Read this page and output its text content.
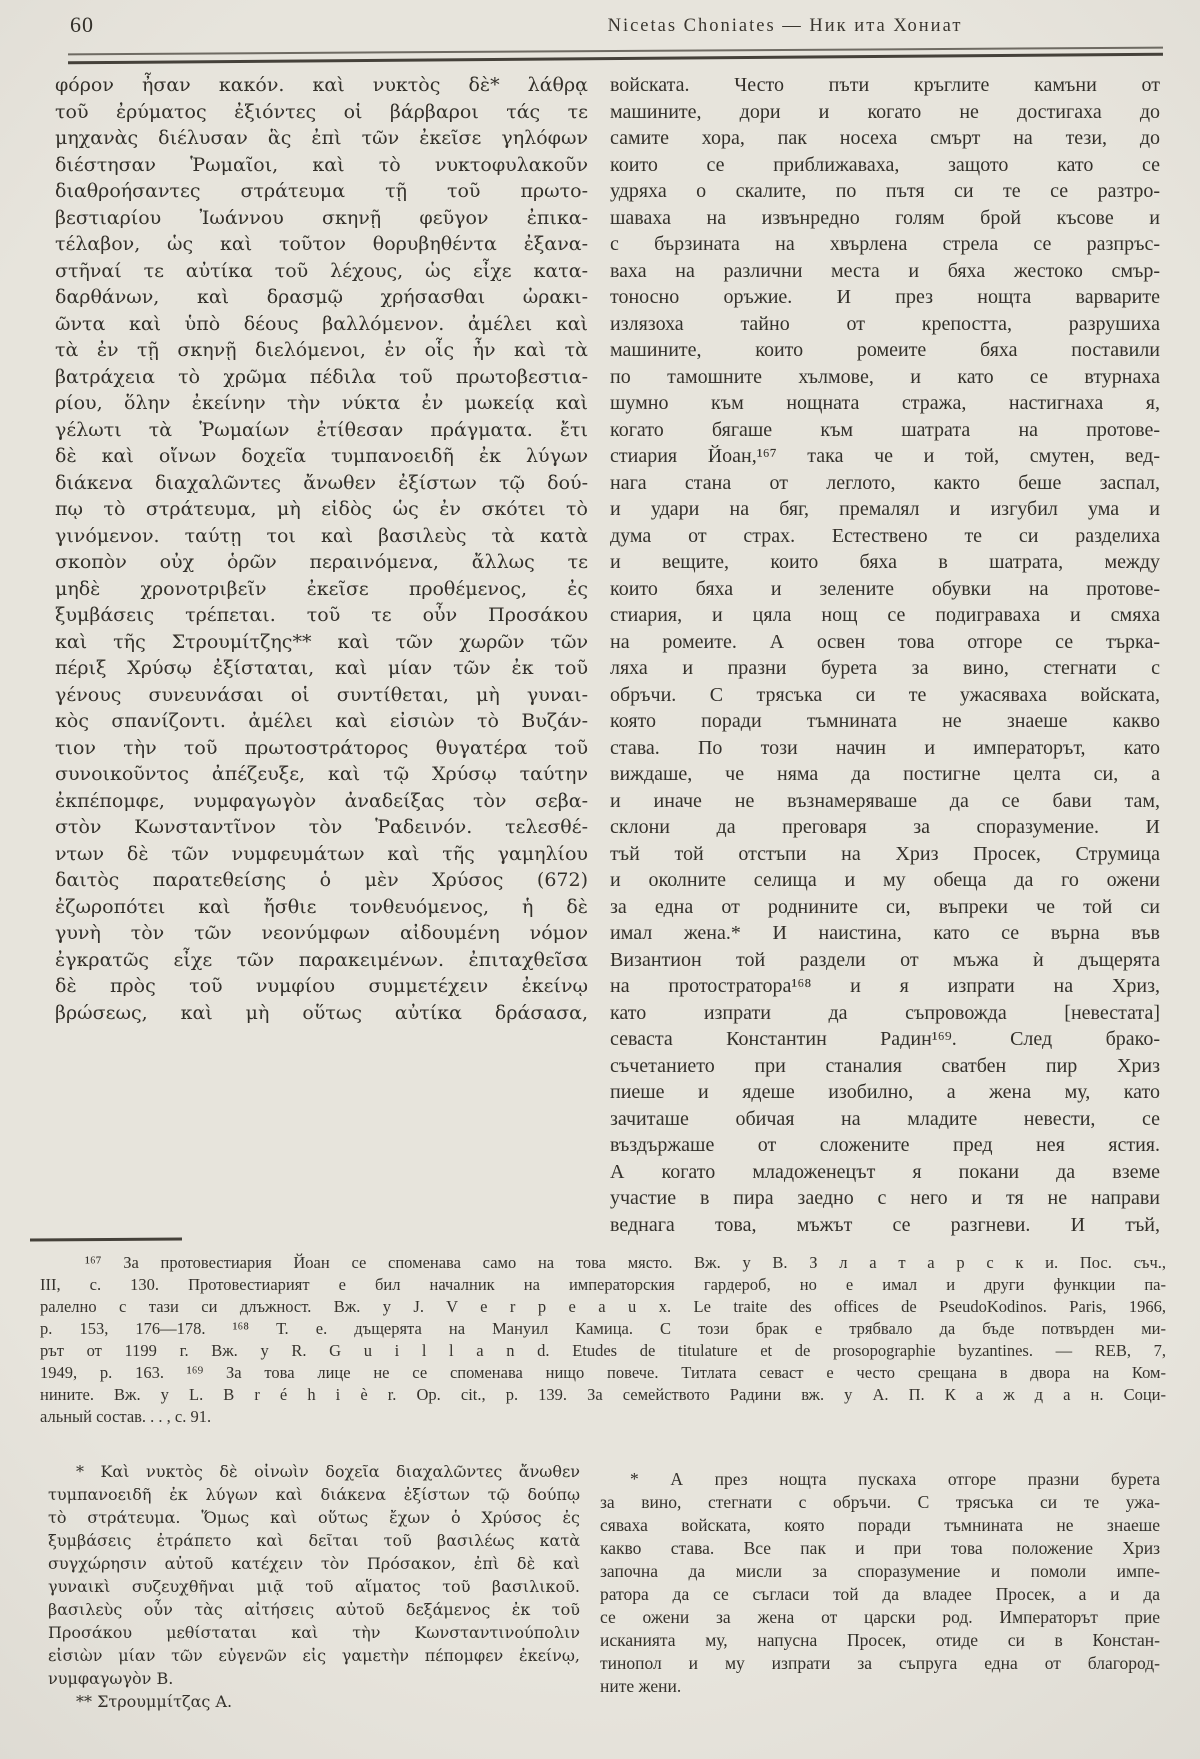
60	Nicetas Choniates — Ник ита Хониат
φόρον ἦσαν κακόν. καὶ νυκτὸς δὲ* λάθρᾳ
τοῦ ἐρύματος ἐξιόντες οἱ βάρβαροι τάς τε
μηχανὰς διέλυσαν ἃς ἐπὶ τῶν ἐκεῖσε γηλόφων
διέστησαν Ῥωμαῖοι, καὶ τὸ νυκτοφυλακοῦν
διαθροήσαντες στράτευμα τῇ τοῦ πρωτο-
βεστιαρίου Ἰωάννου σκηνῇ φεῦγον ἐπικα-
τέλαβον, ὡς καὶ τοῦτον θορυβηθέντα ἐξανα-
στῆναί τε αὐτίκα τοῦ λέχους, ὡς εἶχε κατα-
δαρθάνων, καὶ δρασμῷ χρήσασθαι ὠρακι-
ῶντα καὶ ὑπὸ δέους βαλλόμενον. ἀμέλει καὶ
τὰ ἐν τῇ σκηνῇ διελόμενοι, ἐν οἷς ἦν καὶ τὰ
βατράχεια τὸ χρῶμα πέδιλα τοῦ πρωτοβεστια-
ρίου, ὅλην ἐκείνην τὴν νύκτα ἐν μωκείᾳ καὶ
γέλωτι τὰ Ῥωμαίων ἐτίθεσαν πράγματα. ἔτι
δὲ καὶ οἴνων δοχεῖα τυμπανοειδῆ ἐκ λύγων
διάκενα διαχαλῶντες ἄνωθεν ἐξίστων τῷ δού-
πῳ τὸ στράτευμα, μὴ εἰδὸς ὡς ἐν σκότει τὸ
γινόμενον. ταύτῃ τοι καὶ βασιλεὺς τὰ κατὰ
σκοπὸν οὐχ ὁρῶν περαινόμενα, ἄλλως τε
μηδὲ χρονοτριβεῖν ἐκεῖσε προθέμενος, ἐς
ξυμβάσεις τρέπεται. τοῦ τε οὖν Προσάκου
καὶ τῆς Στρουμίτζης** καὶ τῶν χωρῶν τῶν
πέριξ Χρύσῳ ἐξίσταται, καὶ μίαν τῶν ἐκ τοῦ
γένους συνευνάσαι οἱ συντίθεται, μὴ γυναι-
κὸς σπανίζοντι. ἀμέλει καὶ εἰσιὼν τὸ Βυζάν-
τιον τὴν τοῦ πρωτοστράτορος θυγατέρα τοῦ
συνοικοῦντος ἀπέζευξε, καὶ τῷ Χρύσῳ ταύτην
ἐκπέπομφε, νυμφαγωγὸν ἀναδείξας τὸν σεβα-
στὸν Κωνσταντῖνον τὸν Ῥαδεινόν. τελεσθέ-
ντων δὲ τῶν νυμφευμάτων καὶ τῆς γαμηλίου
δαιτὸς παρατεθείσης ὁ μὲν Χρύσος (672)
ἐζωροπότει καὶ ἤσθιε τονθευόμενος, ἡ δὲ
γυνὴ τὸν τῶν νεονύμφων αἰδουμένη νόμον
ἐγκρατῶς εἶχε τῶν παρακειμένων. ἐπιταχθεῖσα
δὲ πρὸς τοῦ νυμφίου συμμετέχειν ἐκείνῳ
βρώσεως, καὶ μὴ οὕτως αὐτίκα δράσασα,
войската. Често пъти кръглите камъни от
машините, дори и когато не достигаха до
самите хора, пак носеха смърт на тези, до
които се приближаваха, защото като се
удряха о скалите, по пътя си те се разтро-
шаваха на извънредно голям брой късове и
с бързината на хвърлена стрела се разпръс-
ваха на различни места и бяха жестоко смър-
тоносно оръжие. И през нощта варварите
излязоха тайно от крепостта, разрушиха
машините, които ромеите бяха поставили
по тамошните хълмове, и като се втурнаха
шумно към нощната стража, настигнаха я,
когато бягаше към шатрата на протове-
стиария Йоан,¹⁶⁷ така че и той, смутен, вед-
нага стана от леглото, както беше заспал,
и удари на бяг, премалял и изгубил ума и
дума от страх. Естествено те си разделиха
и вещите, които бяха в шатрата, между
които бяха и зелените обувки на протове-
стиария, и цяла нощ се подиграваха и смяха
на ромеите. А освен това отгоре се търка-
ляха и празни бурета за вино, стегнати с
обръчи. С трясъка си те ужасяваха войската,
която поради тъмнината не знаеше какво
става. По този начин и императорът, като
виждаше, че няма да постигне целта си, а
и иначе не възнамеряваше да се бави там,
склони да преговаря за споразумение. И
тъй той отстъпи на Хриз Просек, Струмица
и околните селища и му обеща да го ожени
за една от роднините си, въпреки че той си
имал жена.* И наистина, като се върна във
Византион той раздели от мъжа ѝ дъщерята
на протостратора¹⁶⁸ и я изпрати на Хриз,
като изпрати да съпровожда [невестата]
севаста Константин Радин¹⁶⁹. След брако-
съчетанието при станалия сватбен пир Хриз
пиеше и ядеше изобилно, а жена му, като
зачиташе обичая на младите невести, се
въздържаше от сложените пред нея ястия.
А когато младоженецът я покани да вземе
участие в пира заедно с него и тя не направи
веднага това, мъжът се разгневи. И тъй,
¹⁶⁷ За протовестиария Йоан се споменава само на това място. Вж. у В. З л а т а р с к и. Пос. съч.,
III, с. 130. Протовестиарият е бил началник на императорския гардероб, но е имал и други функции па-
ралелно с тази си длъжност. Вж. у J. V e r p e a u x. Le traite des offices de PseudoKodinos. Paris, 1966,
p. 153, 176—178. ¹⁶⁸ Т. е. дъщерята на Мануил Камица. С този брак е трябвало да бъде потвърден ми-
рът от 1199 г. Вж. у R. G u i l l a n d. Etudes de titulature et de prosopographie byzantines. — REB, 7,
1949, p. 163. ¹⁶⁹ За това лице не се споменава нищо повече. Титлата севаст е често срещана в двора на Ком-
нините. Вж. у L. B r é h i è r. Op. cit., p. 139. За семейството Радини вж. у А. П. К а ж д а н. Соци-
альный состав. . . , с. 91.
* Καὶ νυκτὸς δὲ οἰνωὶν δοχεῖα διαχαλῶντες ἄνωθεν
τυμπανοειδῆ ἐκ λύγων καὶ διάκενα ἐξίστων τῷ δούπῳ
τὸ στράτευμα. Ὅμως καὶ οὕτως ἔχων ὁ Χρύσος ἐς
ξυμβάσεις ἐτράπετο καὶ δεῖται τοῦ βασιλέως κατὰ
συγχώρησιν αὐτοῦ κατέχειν τὸν Πρόσακον, ἐπὶ δὲ καὶ
γυναικὶ συζευχθῆναι μιᾷ τοῦ αἵματος τοῦ βασιλικοῦ.
βασιλεὺς οὖν τὰς αἰτήσεις αὐτοῦ δεξάμενος ἐκ τοῦ
Προσάκου μεθίσταται καὶ τὴν Κωνσταντινούπολιν
εἰσιὼν μίαν τῶν εὐγενῶν εἰς γαμετὴν πέπομφεν ἐκείνῳ,
νυμφαγωγὸν Β.
** Στρουμμίτζας Α.
* А през нощта пускаха отгоре празни бурета
за вино, стегнати с обръчи. С трясъка си те ужа-
сяваха войската, която поради тъмнината не знаеше
какво става. Все пак и при това положение Хриз
започна да мисли за споразумение и помоли импе-
ратора да се съгласи той да владее Просек, а и да
се ожени за жена от царски род. Императорът прие
исканията му, напусна Просек, отиде си в Констан-
тинопол и му изпрати за съпруга една от благород-
ните жени.
